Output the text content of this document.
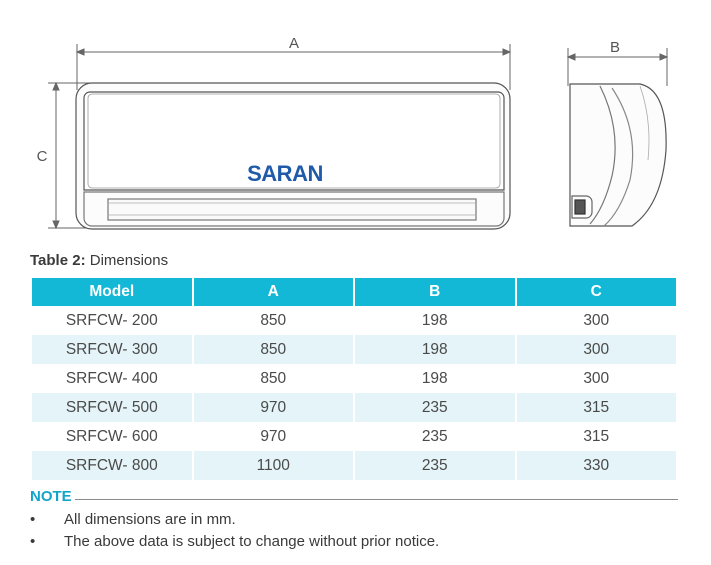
A
C
SARAN
B
Table 2: Dimensions
Model	A	B	C
SRFCW- 200	850	198	300
SRFCW- 300	850	198	300
SRFCW- 400	850	198	300
SRFCW- 500	970	235	315
SRFCW- 600	970	235	315
SRFCW- 800	1100	235	330
NOTE
• All dimensions are in mm.
• The above data is subject to change without prior notice.
